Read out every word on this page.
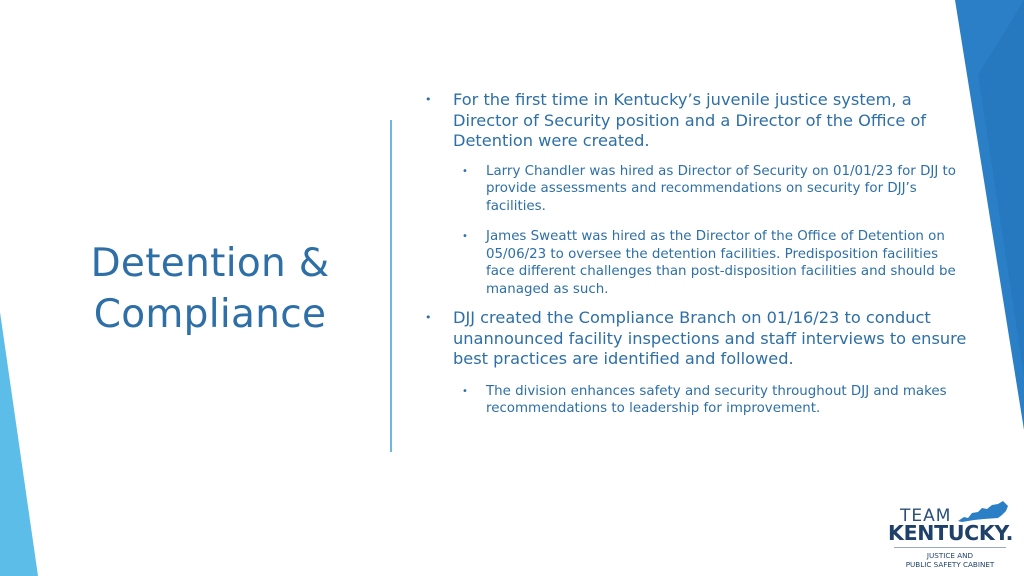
Detention &
Compliance
• For the first time in Kentucky’s juvenile justice system, a Director of Security position and a Director of the Office of Detention were created.
• Larry Chandler was hired as Director of Security on 01/01/23 for DJJ to provide assessments and recommendations on security for DJJ’s facilities.
• James Sweatt was hired as the Director of the Office of Detention on 05/06/23 to oversee the detention facilities. Predisposition facilities face different challenges than post-disposition facilities and should be managed as such.
• DJJ created the Compliance Branch on 01/16/23 to conduct unannounced facility inspections and staff interviews to ensure best practices are identified and followed.
• The division enhances safety and security throughout DJJ and makes recommendations to leadership for improvement.
TEAM
KENTUCKY.
JUSTICE AND
PUBLIC SAFETY CABINET
